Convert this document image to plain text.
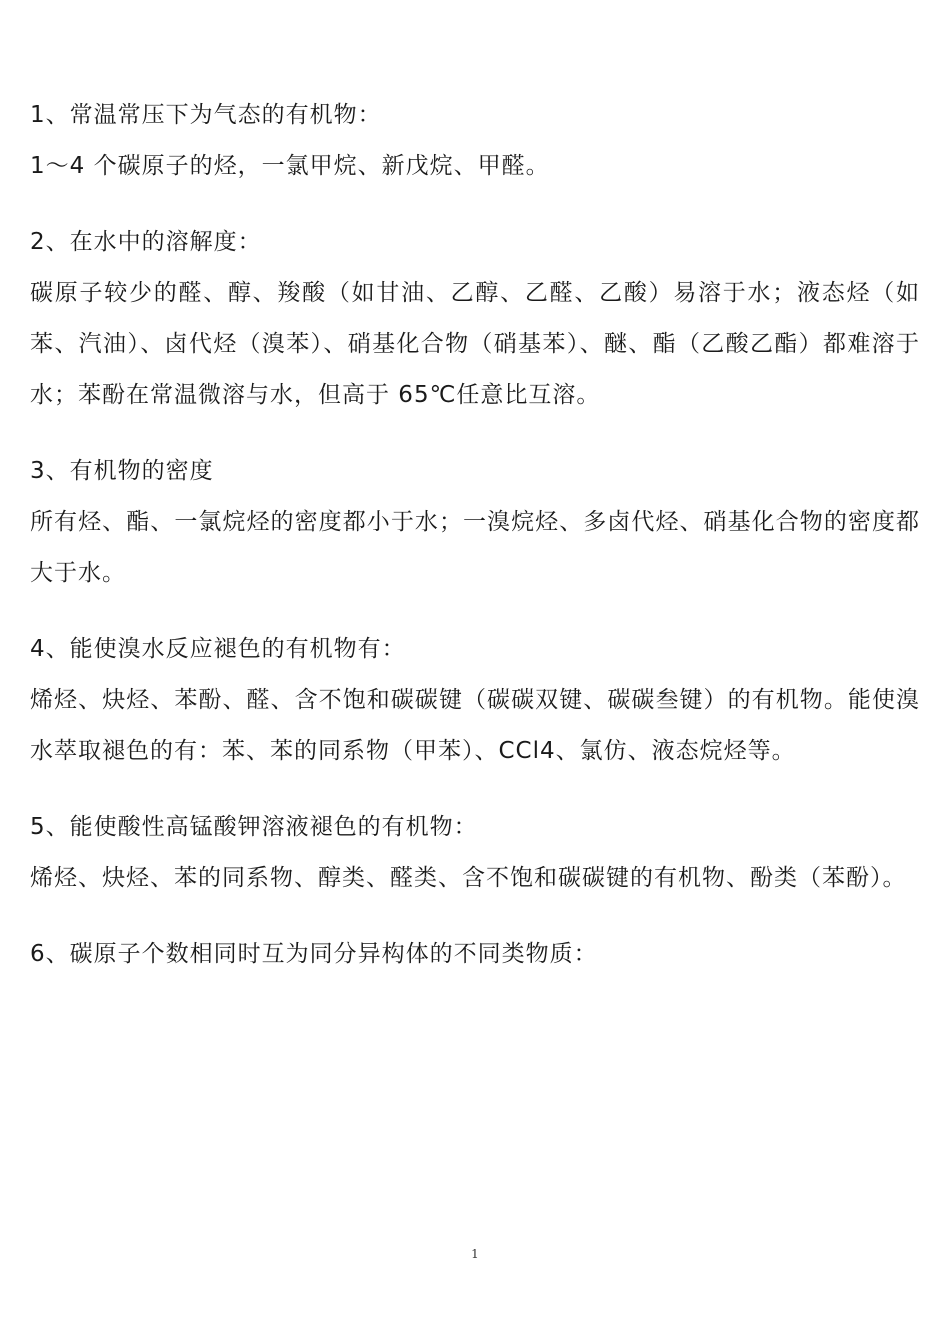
1、常温常压下为气态的有机物：

1～4 个碳原子的烃，一氯甲烷、新戊烷、甲醛。

2、在水中的溶解度：

碳原子较少的醛、醇、羧酸（如甘油、乙醇、乙醛、乙酸）易溶于水；液态烃（如苯、汽油）、卤代烃（溴苯）、硝基化合物（硝基苯）、醚、酯（乙酸乙酯）都难溶于水；苯酚在常温微溶与水，但高于 65℃任意比互溶。

3、有机物的密度

所有烃、酯、一氯烷烃的密度都小于水；一溴烷烃、多卤代烃、硝基化合物的密度都大于水。

4、能使溴水反应褪色的有机物有：

烯烃、炔烃、苯酚、醛、含不饱和碳碳键（碳碳双键、碳碳叁键）的有机物。能使溴水萃取褪色的有：苯、苯的同系物（甲苯）、CCl4、氯仿、液态烷烃等。

5、能使酸性高锰酸钾溶液褪色的有机物：

烯烃、炔烃、苯的同系物、醇类、醛类、含不饱和碳碳键的有机物、酚类（苯酚）。

6、碳原子个数相同时互为同分异构体的不同类物质：

1
